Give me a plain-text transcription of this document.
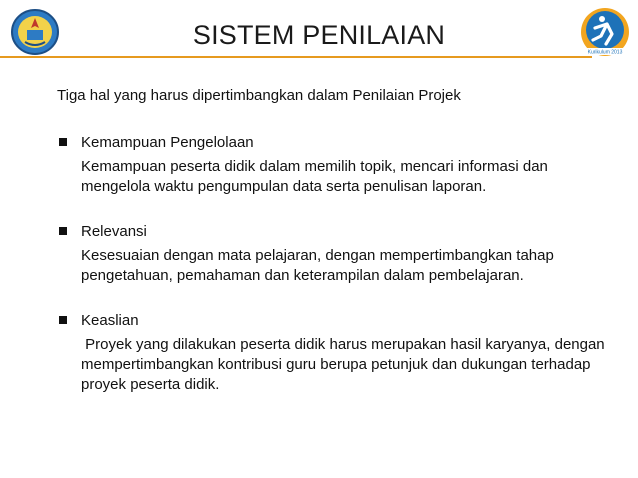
SISTEM PENILAIAN
Kurikulum 2013
Tiga hal yang harus dipertimbangkan dalam Penilaian Projek
Kemampuan Pengelolaan
Kemampuan peserta didik dalam memilih topik, mencari informasi dan mengelola waktu pengumpulan data serta penulisan laporan.
Relevansi
Kesesuaian dengan mata pelajaran, dengan mempertimbangkan tahap pengetahuan, pemahaman dan keterampilan dalam pembelajaran.
Keaslian
Proyek yang dilakukan peserta didik harus merupakan hasil karyanya, dengan mempertimbangkan kontribusi guru berupa petunjuk dan dukungan terhadap proyek peserta didik.
